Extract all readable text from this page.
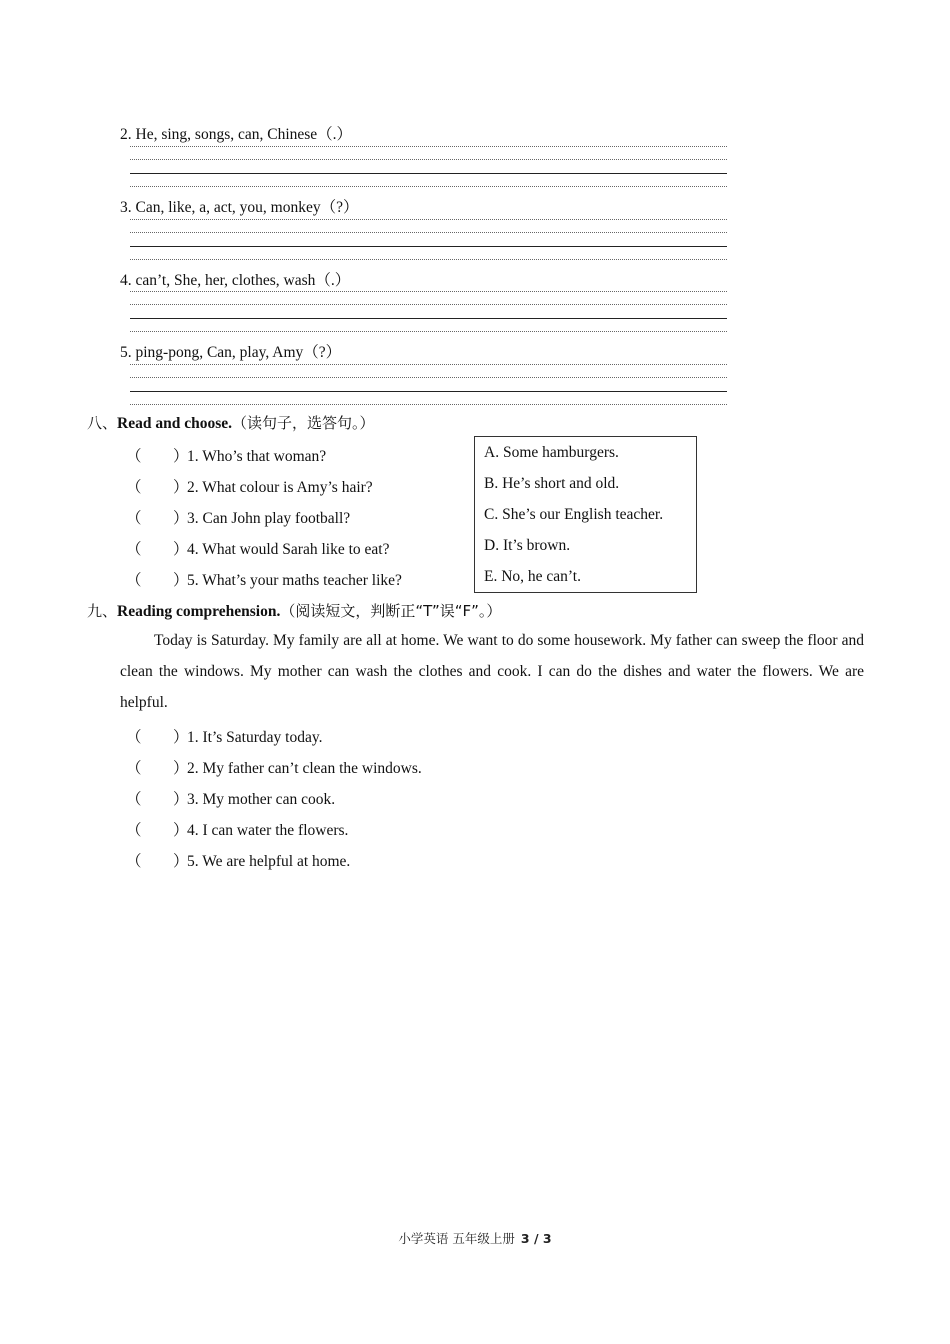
2. He, sing, songs, can, Chinese（.）
3. Can, like, a, act, you, monkey（?）
4. can’t, She, her, clothes, wash（.）
5. ping-pong, Can, play, Amy（?）
八、Read and choose.（读句子，选答句。）
（ ）1. Who’s that woman?
（ ）2. What colour is Amy’s hair?
（ ）3. Can John play football?
（ ）4. What would Sarah like to eat?
（ ）5. What’s your maths teacher like?
A. Some hamburgers.
B. He’s short and old.
C. She’s our English teacher.
D. It’s brown.
E. No, he can’t.
九、Reading comprehension.（阅读短文，判断正“T”误“F”。）

Today is Saturday. My family are all at home. We want to do some housework. My father can sweep the floor and clean the windows. My mother can wash the clothes and cook. I can do the dishes and water the flowers. We are helpful.

（ ）1. It’s Saturday today.
（ ）2. My father can’t clean the windows.
（ ）3. My mother can cook.
（ ）4. I can water the flowers.
（ ）5. We are helpful at home.
小学英语 五年级上册 3 / 3
